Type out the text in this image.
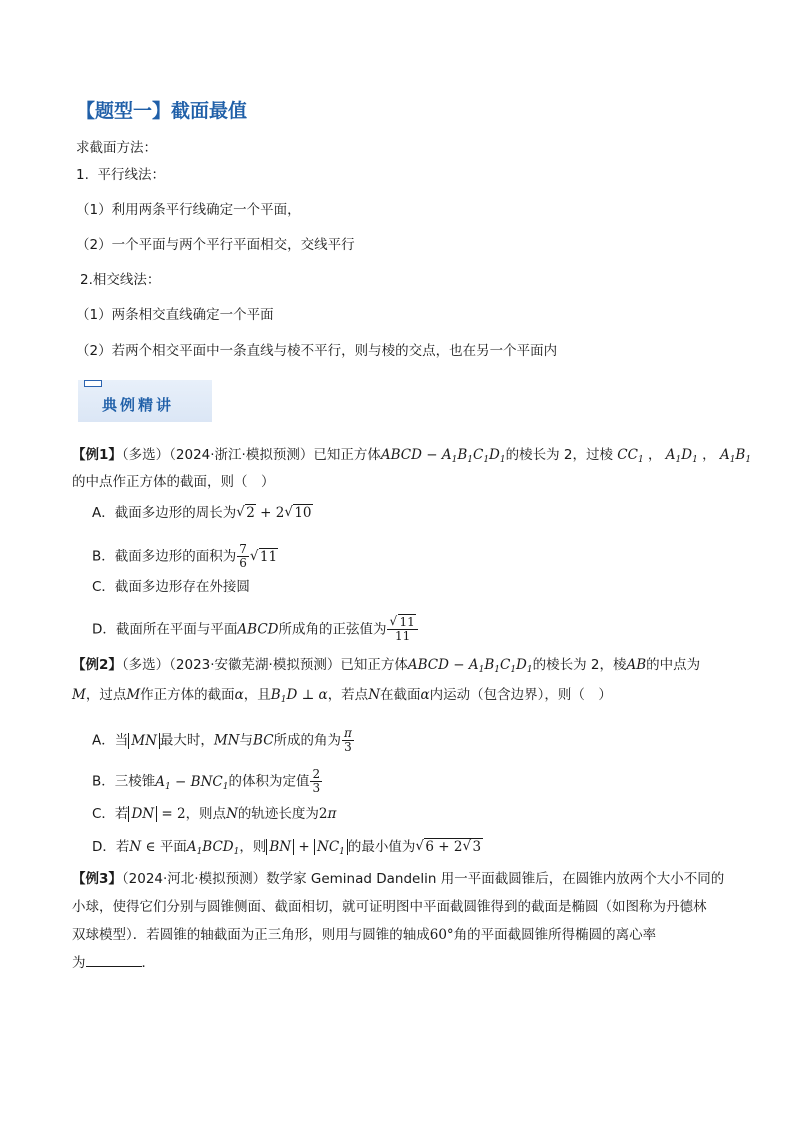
【题型一】截面最值
求截面方法：
1. 平行线法：
（1）利用两条平行线确定一个平面，
（2）一个平面与两个平行平面相交，交线平行
2.相交线法：
（1）两条相交直线确定一个平面
（2）若两个相交平面中一条直线与棱不平行，则与棱的交点，也在另一个平面内
典例精讲
【例1】（多选）（2024·浙江·模拟预测）已知正方体ABCD − $A_1B_1C_1D_1$的棱长为 2，过棱 $CC_1$ ， $A_1D_1$ ， $A_1B_1$
的中点作正方体的截面，则（　）
A．截面多边形的周长为 √ 2 + 2 √ 10
B．截面多边形的面积为 $\frac{7}{6}$ √ 11
C．截面多边形存在外接圆
D．截面所在平面与平面ABCD所成角的正弦值为 √ $\frac{11}{11}$
【例2】（多选）（2023·安徽芜湖·模拟预测）已知正方体ABCD − $A_1B_1C_1D_1$的棱长为 2，棱AB的中点为
M，过点M作正方体的截面α，且$B_1D$ ⊥ α，若点N在截面α内运动（包含边界），则（　）
A．当 MN 最大时，MN与BC所成的角为 $\frac{\pi}{3}$
B．三棱锥$A_1 - BNC_1$的体积为定值 $\frac{2}{3}$
C．若 DN = 2，则点N的轨迹长度为2π
D．若N ∈ 平面$A_1BCD_1$，则 BN + $NC_1$ 的最小值为 √ 6 + 2 √ 3
【例3】（2024·河北·模拟预测）数学家 Geminad Dandelin 用一平面截圆锥后，在圆锥内放两个大小不同的
小球，使得它们分别与圆锥侧面、截面相切，就可证明图中平面截圆锥得到的截面是椭圆（如图称为丹德林
双球模型）．若圆锥的轴截面为正三角形，则用与圆锥的轴成60°角的平面截圆锥所得椭圆的离心率
为	．
